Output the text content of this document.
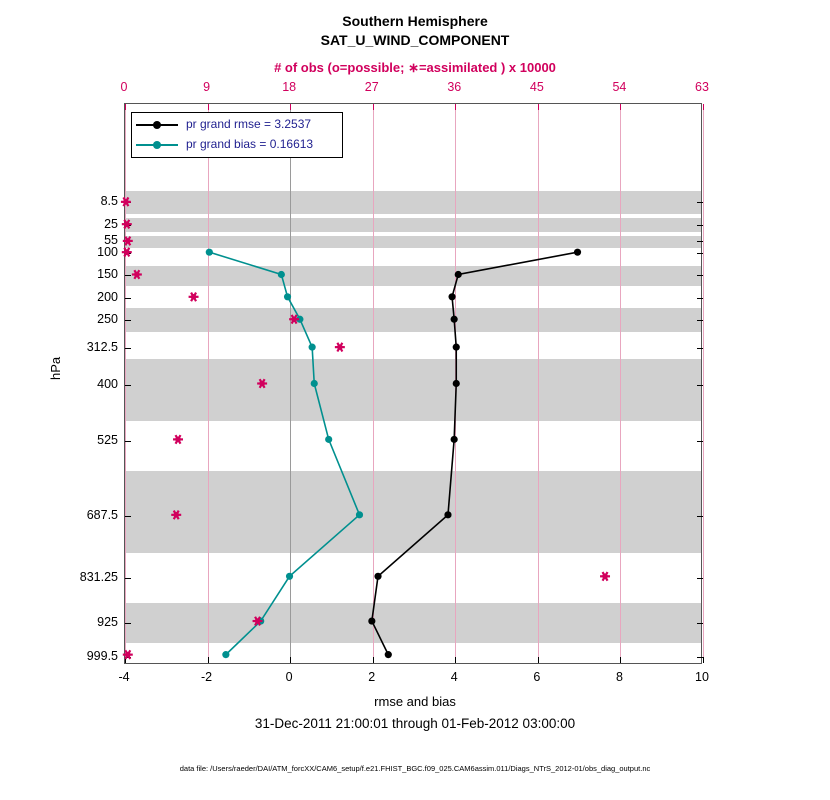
Southern Hemisphere
SAT_U_WIND_COMPONENT
# of obs (o=possible; ∗=assimilated ) x 10000
0	9	18	27	36	45	54	63
8.5
25
55
100
150
200
250
312.5
400
525
687.5
831.25
925
999.5
hPa
pr grand rmse = 3.2537
pr grand bias = 0.16613
-4	-2	0	2	4	6	8	10
rmse and bias
31-Dec-2011 21:00:01 through 01-Feb-2012 03:00:00
data file: /Users/raeder/DAI/ATM_forcXX/CAM6_setup/f.e21.FHIST_BGC.f09_025.CAM6assim.011/Diags_NTrS_2012-01/obs_diag_output.nc
